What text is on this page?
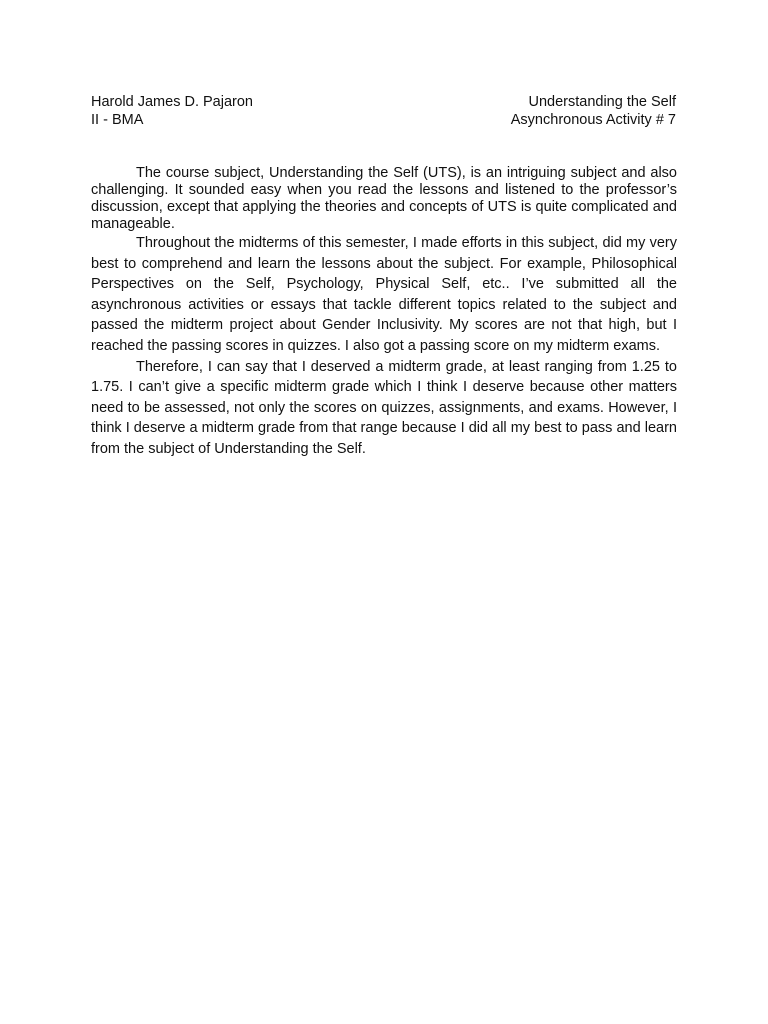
Harold James D. Pajaron	Understanding the Self
II - BMA	Asynchronous Activity # 7

The course subject, Understanding the Self (UTS), is an intriguing subject and also challenging. It sounded easy when you read the lessons and listened to the professor’s discussion, except that applying the theories and concepts of UTS is quite complicated and manageable.

Throughout the midterms of this semester, I made efforts in this subject, did my very best to comprehend and learn the lessons about the subject. For example, Philosophical Perspectives on the Self, Psychology, Physical Self, etc.. I’ve submitted all the asynchronous activities or essays that tackle different topics related to the subject and passed the midterm project about Gender Inclusivity. My scores are not that high, but I reached the passing scores in quizzes. I also got a passing score on my midterm exams.

Therefore, I can say that I deserved a midterm grade, at least ranging from 1.25 to 1.75. I can’t give a specific midterm grade which I think I deserve because other matters need to be assessed, not only the scores on quizzes, assignments, and exams. However, I think I deserve a midterm grade from that range because I did all my best to pass and learn from the subject of Understanding the Self.
